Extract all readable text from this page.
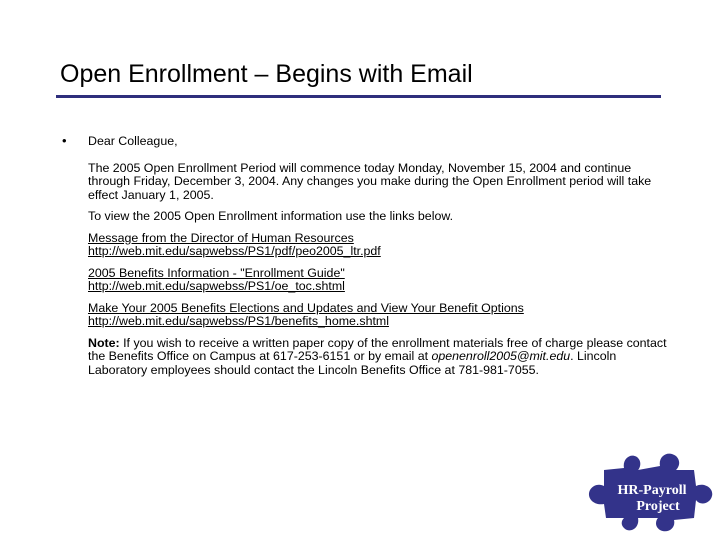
Open Enrollment – Begins with Email
• Dear Colleague,

The 2005 Open Enrollment Period will commence today Monday, November 15, 2004 and continue through Friday, December 3, 2004. Any changes you make during the Open Enrollment period will take effect January 1, 2005.

To view the 2005 Open Enrollment information use the links below.

Message from the Director of Human Resources
http://web.mit.edu/sapwebss/PS1/pdf/peo2005_ltr.pdf

2005 Benefits Information - "Enrollment Guide"
http://web.mit.edu/sapwebss/PS1/oe_toc.shtml

Make Your 2005 Benefits Elections and Updates and View Your Benefit Options
http://web.mit.edu/sapwebss/PS1/benefits_home.shtml

Note: If you wish to receive a written paper copy of the enrollment materials free of charge please contact the Benefits Office on Campus at 617-253-6151 or by email at openenroll2005@mit.edu. Lincoln Laboratory employees should contact the Lincoln Benefits Office at 781-981-7055.

HR-Payroll
Project
